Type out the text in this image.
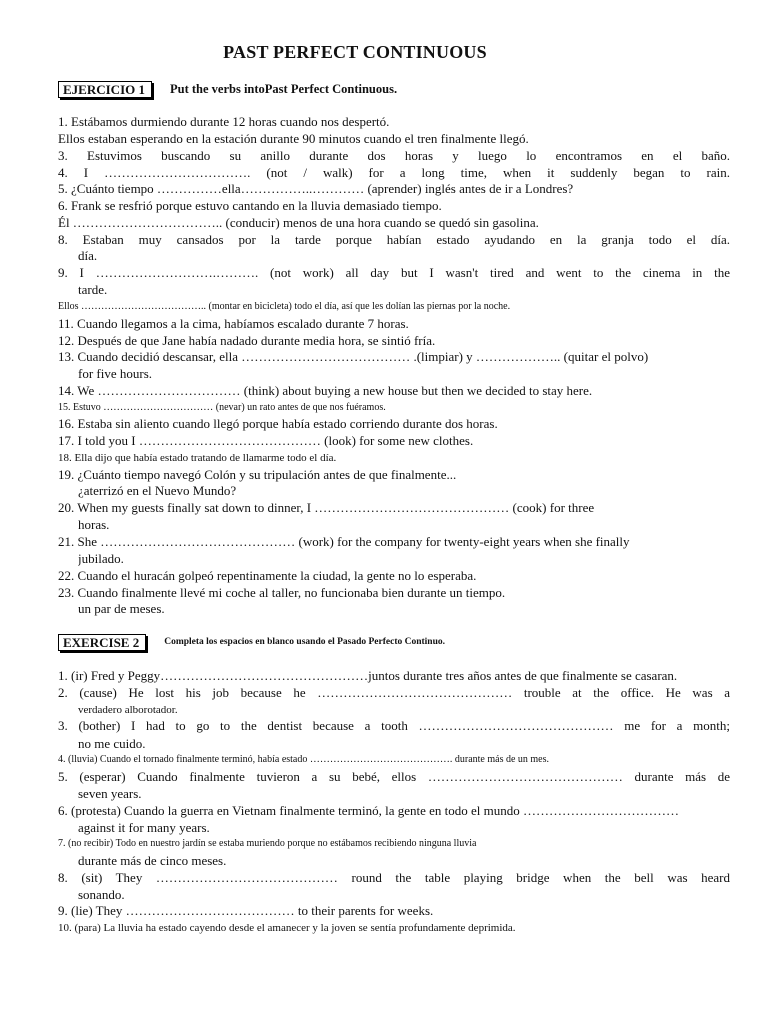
PAST PERFECT CONTINUOUS
EJERCICIO 1 Put the verbs intoPast Perfect Continuous.
1. Estábamos durmiendo durante 12 horas cuando nos despertó.
Ellos estaban esperando en la estación durante 90 minutos cuando el tren finalmente llegó.
3. Estuvimos buscando su anillo durante dos horas y luego lo encontramos en el baño.
4. I ……………………………. (not / walk) for a long time, when it suddenly began to rain.
5. ¿Cuánto tiempo ……………ella……………..………… (aprender) inglés antes de ir a Londres?
6. Frank se resfrió porque estuvo cantando en la lluvia demasiado tiempo.
Él …………………………….. (conducir) menos de una hora cuando se quedó sin gasolina.
8. Estaban muy cansados por la tarde porque habían estado ayudando en la granja todo el día.
día.
9. I ……………………….………. (not work) all day but I wasn't tired and went to the cinema in the
tarde.
Ellos ……………………………….. (montar en bicicleta) todo el día, así que les dolían las piernas por la noche.
11. Cuando llegamos a la cima, habíamos escalado durante 7 horas.
12. Después de que Jane había nadado durante media hora, se sintió fría.
13. Cuando decidió descansar, ella ………………………………… .(limpiar) y ……………….. (quitar el polvo)
for five hours.
14. We …………………………… (think) about buying a new house but then we decided to stay here.
15. Estuvo …………………………… (nevar) un rato antes de que nos fuéramos.
16. Estaba sin aliento cuando llegó porque había estado corriendo durante dos horas.
17. I told you I …………………………………… (look) for some new clothes.
18. Ella dijo que había estado tratando de llamarme todo el día.
19. ¿Cuánto tiempo navegó Colón y su tripulación antes de que finalmente...
¿aterrizó en el Nuevo Mundo?
20. When my guests finally sat down to dinner, I ……………………………………… (cook) for three
horas.
21. She ……………………………………… (work) for the company for twenty-eight years when she finally
jubilado.
22. Cuando el huracán golpeó repentinamente la ciudad, la gente no lo esperaba.
23. Cuando finalmente llevé mi coche al taller, no funcionaba bien durante un tiempo.
un par de meses.
EXERCISE 2	Completa los espacios en blanco usando el Pasado Perfecto Continuo.
1. (ir) Fred y Peggy…………………………………………juntos durante tres años antes de que finalmente se casaran.
2. (cause) He lost his job because he ……………………………………… trouble at the office. He was a
verdadero alborotador.
3. (bother) I had to go to the dentist because a tooth ……………………………………… me for a month;
no me cuido.
4. (lluvia) Cuando el tornado finalmente terminó, había estado ……………………………………. durante más de un mes.
5. (esperar) Cuando finalmente tuvieron a su bebé, ellos ……………………………………… durante más de
seven years.
6. (protesta) Cuando la guerra en Vietnam finalmente terminó, la gente en todo el mundo ………………………………
against it for many years.
7. (no recibir) Todo en nuestro jardín se estaba muriendo porque no estábamos recibiendo ninguna lluvia
durante más de cinco meses.
8. (sit) They …………………………………… round the table playing bridge when the bell was heard
sonando.
9. (lie) They ………………………………… to their parents for weeks.
10. (para) La lluvia ha estado cayendo desde el amanecer y la joven se sentía profundamente deprimida.
